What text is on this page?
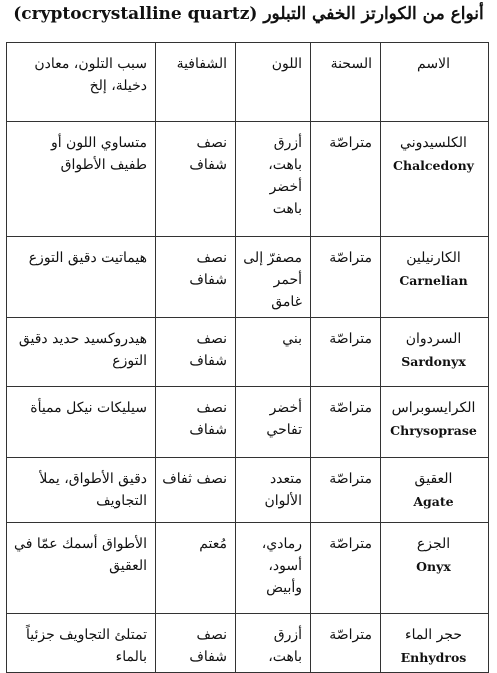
أنواع من الكوارتز الخفي التبلور (cryptocrystalline quartz)
الاسم	السحنة	اللون	الشفافية	سبب التلون، معادن دخيلة، إلخ

الكلسيدوني
Chalcedony	متراصّة	أزرق باهت، أخضر باهت	نصف شفاف	متساوي اللون أو طفيف الأطواق

الكارنيلين
Carnelian	متراصّة	مصفرّ إلى أحمر غامق	نصف شفاف	هيماتيت دقيق التوزع

السردوان
Sardonyx	متراصّة	بني	نصف شفاف	هيدروكسيد حديد دقيق التوزع

الكرايسوبراس
Chrysoprase	متراصّة	أخضر تفاحي	نصف شفاف	سيليكات نيكل مميأة

العقيق
Agate	متراصّة	متعدد الألوان	نصف ثفاف	دقيق الأطواق، يملأ التجاويف

الجزع
Onyx	متراصّة	رمادي، أسود، وأبيض	مُعتم	الأطواق أسمك عمّا في العقيق

حجر الماء
Enhydros	متراصّة	أزرق باهت،	نصف شفاف	تمتلئ التجاويف جزئياً بالماء
